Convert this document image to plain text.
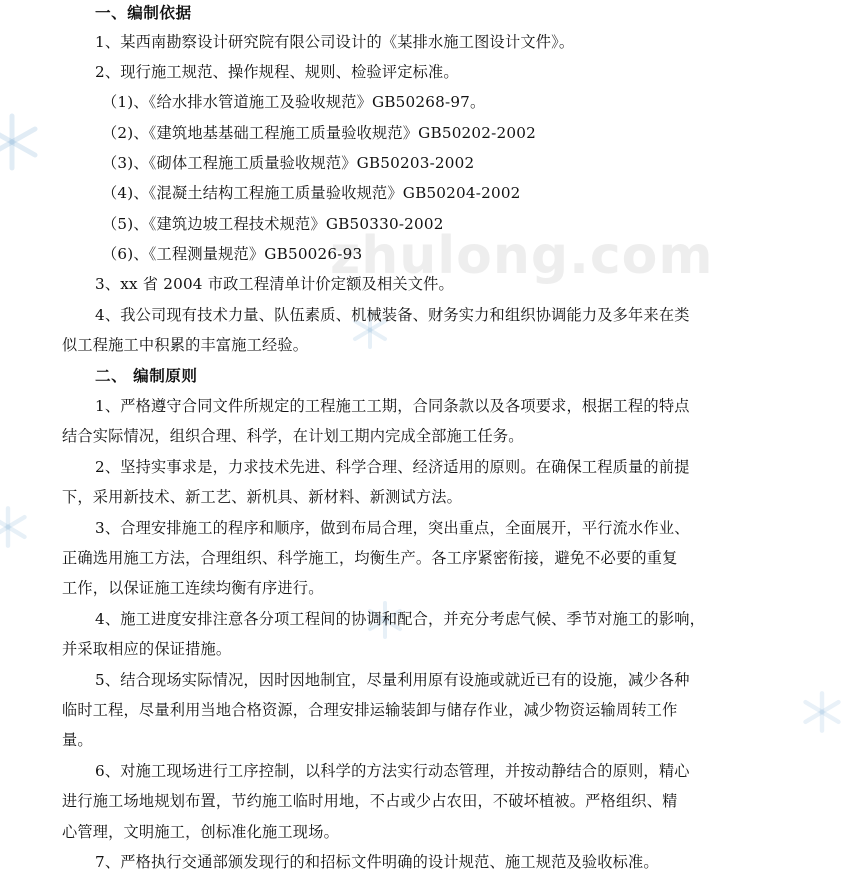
zhulong.com
一、编制依据
1、某西南勘察设计研究院有限公司设计的《某排水施工图设计文件》。
2、现行施工规范、操作规程、规则、检验评定标准。
（1)、《给水排水管道施工及验收规范》GB50268-97。
（2)、《建筑地基基础工程施工质量验收规范》GB50202-2002
（3)、《砌体工程施工质量验收规范》GB50203-2002
（4)、《混凝土结构工程施工质量验收规范》GB50204-2002
（5)、《建筑边坡工程技术规范》GB50330-2002
（6)、《工程测量规范》GB50026-93
3、xx 省 2004 市政工程清单计价定额及相关文件。
4、我公司现有技术力量、队伍素质、机械装备、财务实力和组织协调能力及多年来在类
似工程施工中积累的丰富施工经验。
二、 编制原则
1、严格遵守合同文件所规定的工程施工工期，合同条款以及各项要求，根据工程的特点
结合实际情况，组织合理、科学，在计划工期内完成全部施工任务。
2、坚持实事求是，力求技术先进、科学合理、经济适用的原则。在确保工程质量的前提
下，采用新技术、新工艺、新机具、新材料、新测试方法。
3、合理安排施工的程序和顺序，做到布局合理，突出重点，全面展开，平行流水作业、
正确选用施工方法，合理组织、科学施工，均衡生产。各工序紧密衔接，避免不必要的重复
工作，以保证施工连续均衡有序进行。
4、施工进度安排注意各分项工程间的协调和配合，并充分考虑气候、季节对施工的影响，
并采取相应的保证措施。
5、结合现场实际情况，因时因地制宜，尽量利用原有设施或就近已有的设施，减少各种
临时工程，尽量利用当地合格资源，合理安排运输装卸与储存作业，减少物资运输周转工作
量。
6、对施工现场进行工序控制，以科学的方法实行动态管理，并按动静结合的原则，精心
进行施工场地规划布置，节约施工临时用地，不占或少占农田，不破坏植被。严格组织、精
心管理，文明施工，创标准化施工现场。
7、严格执行交通部颁发现行的和招标文件明确的设计规范、施工规范及验收标准。
